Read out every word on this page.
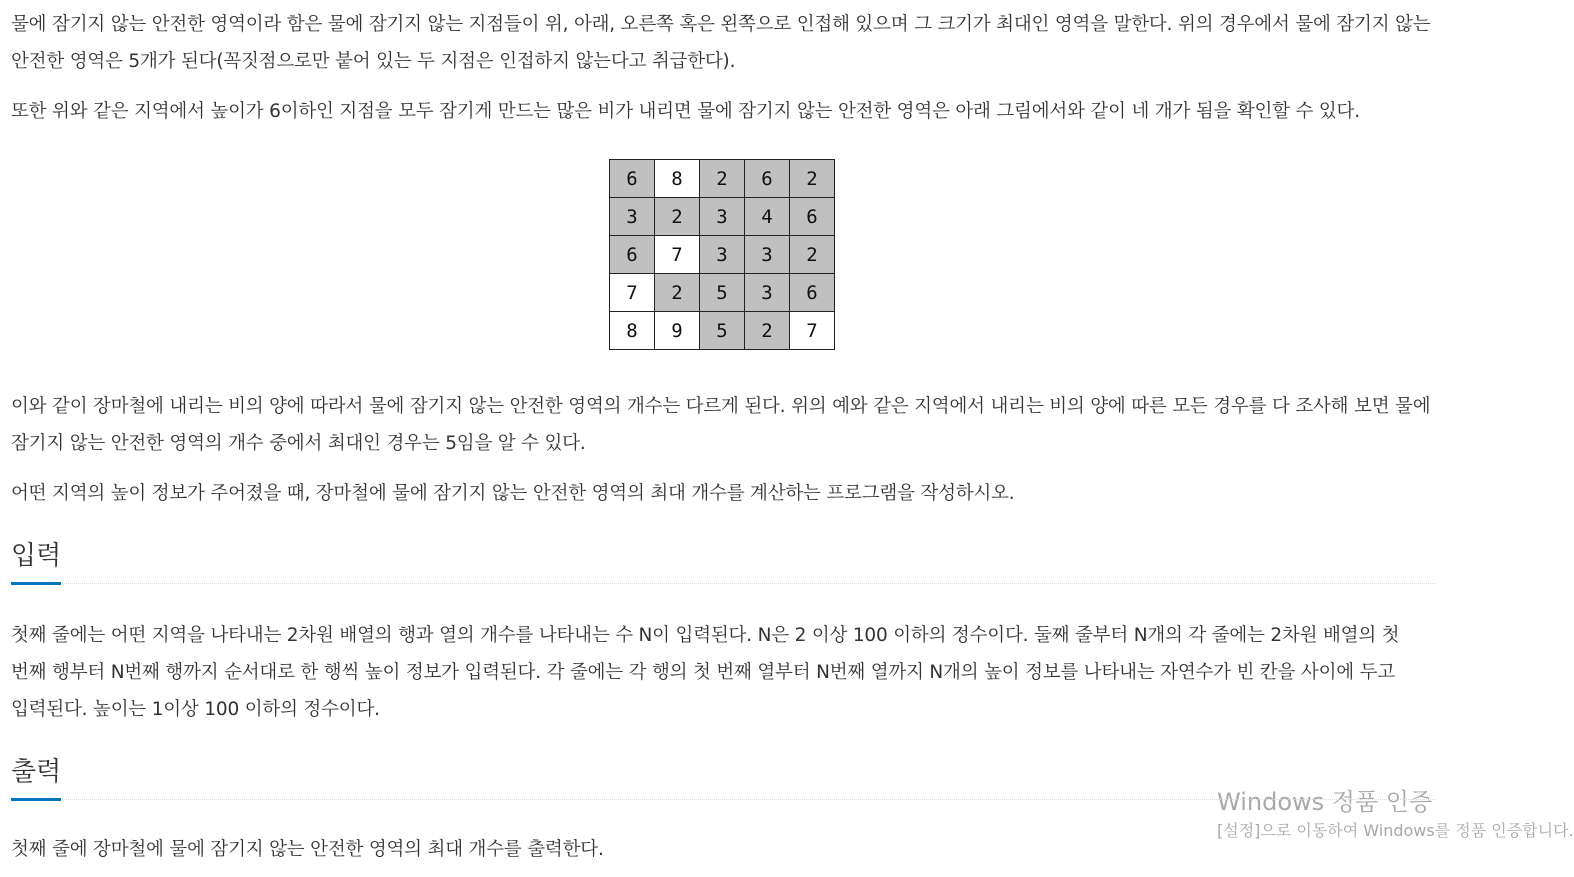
물에 잠기지 않는 안전한 영역이라 함은 물에 잠기지 않는 지점들이 위, 아래, 오른쪽 혹은 왼쪽으로 인접해 있으며 그 크기가 최대인 영역을 말한다. 위의 경우에서 물에 잠기지 않는 안전한 영역은 5개가 된다(꼭짓점으로만 붙어 있는 두 지점은 인접하지 않는다고 취급한다).

또한 위와 같은 지역에서 높이가 6이하인 지점을 모두 잠기게 만드는 많은 비가 내리면 물에 잠기지 않는 안전한 영역은 아래 그림에서와 같이 네 개가 됨을 확인할 수 있다.

6	8	2	6	2
3	2	3	4	6
6	7	3	3	2
7	2	5	3	6
8	9	5	2	7

이와 같이 장마철에 내리는 비의 양에 따라서 물에 잠기지 않는 안전한 영역의 개수는 다르게 된다. 위의 예와 같은 지역에서 내리는 비의 양에 따른 모든 경우를 다 조사해 보면 물에 잠기지 않는 안전한 영역의 개수 중에서 최대인 경우는 5임을 알 수 있다.

어떤 지역의 높이 정보가 주어졌을 때, 장마철에 물에 잠기지 않는 안전한 영역의 최대 개수를 계산하는 프로그램을 작성하시오.

입력

첫째 줄에는 어떤 지역을 나타내는 2차원 배열의 행과 열의 개수를 나타내는 수 N이 입력된다. N은 2 이상 100 이하의 정수이다. 둘째 줄부터 N개의 각 줄에는 2차원 배열의 첫 번째 행부터 N번째 행까지 순서대로 한 행씩 높이 정보가 입력된다. 각 줄에는 각 행의 첫 번째 열부터 N번째 열까지 N개의 높이 정보를 나타내는 자연수가 빈 칸을 사이에 두고 입력된다. 높이는 1이상 100 이하의 정수이다.

출력

첫째 줄에 장마철에 물에 잠기지 않는 안전한 영역의 최대 개수를 출력한다.

Windows 정품 인증
[설정]으로 이동하여 Windows를 정품 인증합니다.
